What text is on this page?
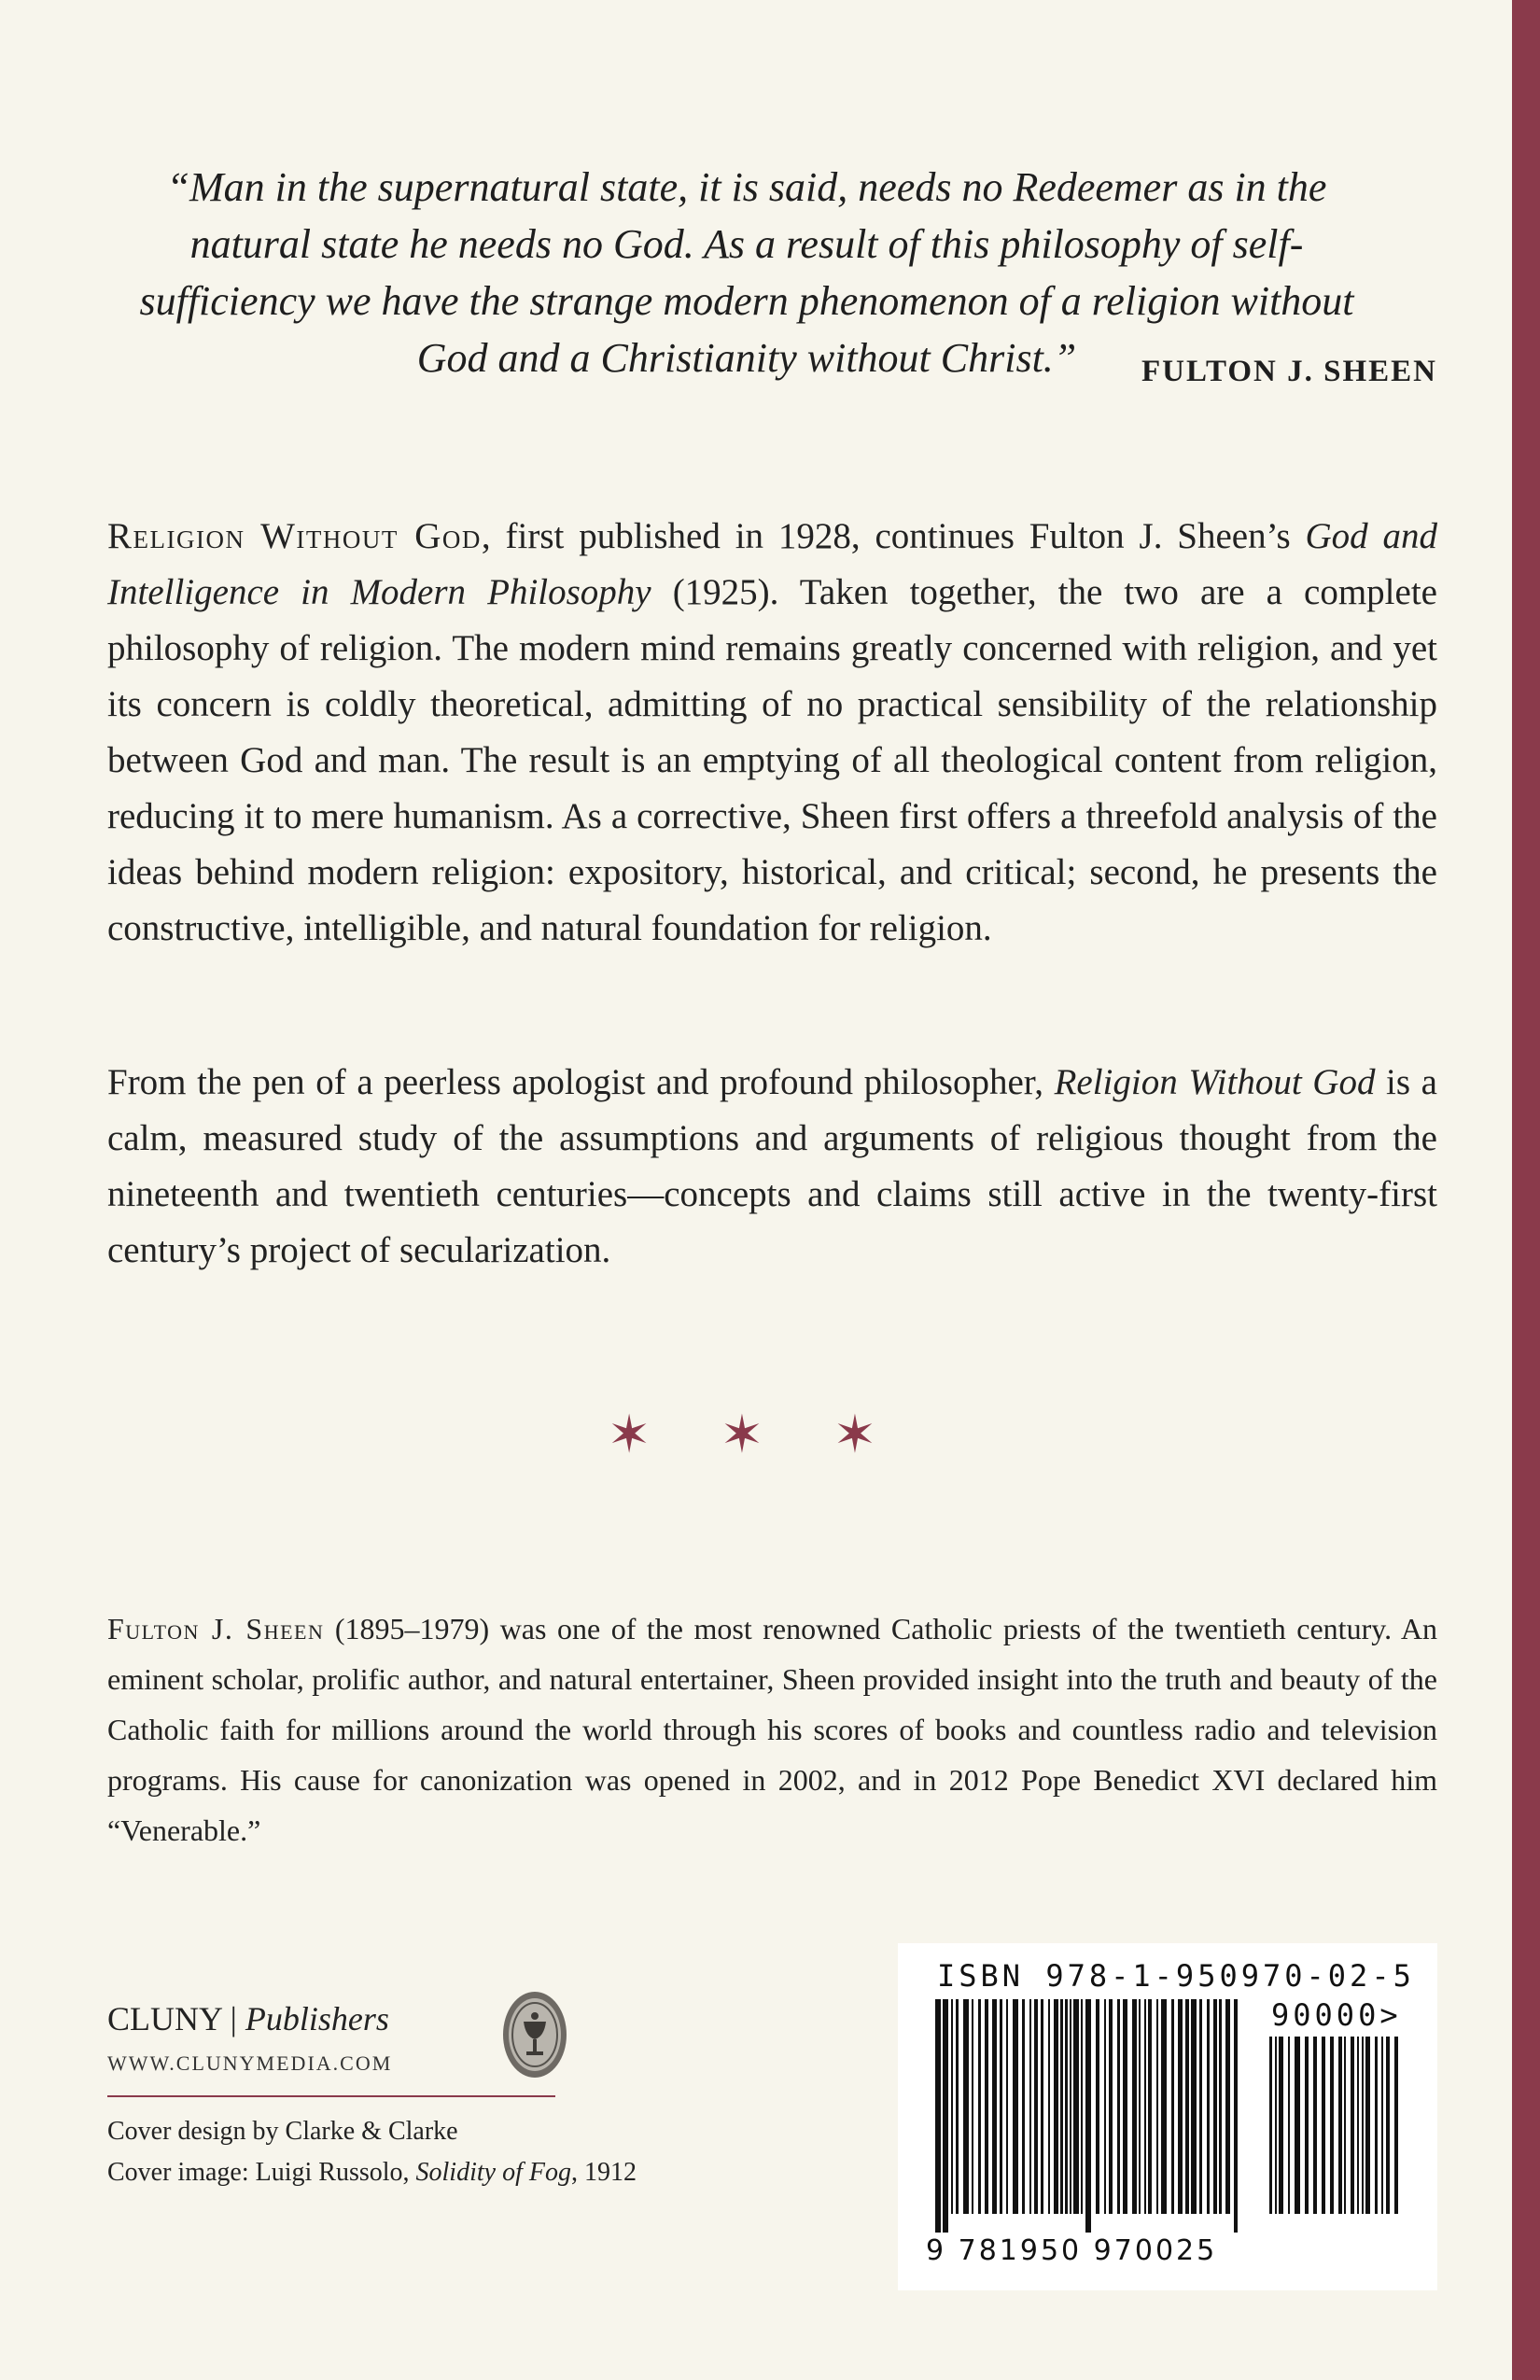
“Man in the supernatural state, it is said, needs no Redeemer as in the natural state he needs no God. As a result of this philosophy of self-sufficiency we have the strange modern phenomenon of a religion without God and a Christianity without Christ.”	FULTON J. SHEEN

Religion Without God, first published in 1928, continues Fulton J. Sheen’s God and Intelligence in Modern Philosophy (1925). Taken together, the two are a complete philosophy of religion. The modern mind remains greatly concerned with religion, and yet its concern is coldly theoretical, admitting of no practical sensibility of the relationship between God and man. The result is an emptying of all theological content from religion, reducing it to mere humanism. As a corrective, Sheen first offers a threefold analysis of the ideas behind modern religion: expository, historical, and critical; second, he presents the constructive, intelligible, and natural foundation for religion.

From the pen of a peerless apologist and profound philosopher, Religion Without God is a calm, measured study of the assumptions and arguments of religious thought from the nineteenth and twentieth centuries—concepts and claims still active in the twenty-first century’s project of secularization.

✶ ✶ ✶

Fulton J. Sheen (1895–1979) was one of the most renowned Catholic priests of the twentieth century. An eminent scholar, prolific author, and natural entertainer, Sheen provided insight into the truth and beauty of the Catholic faith for millions around the world through his scores of books and countless radio and television programs. His cause for canonization was opened in 2002, and in 2012 Pope Benedict XVI declared him “Venerable.”

CLUNY | Publishers
WWW.CLUNYMEDIA.COM
Cover design by Clarke & Clarke
Cover image: Luigi Russolo, Solidity of Fog, 1912
ISBN 978-1-950970-02-5
90000>
9 781950 970025
